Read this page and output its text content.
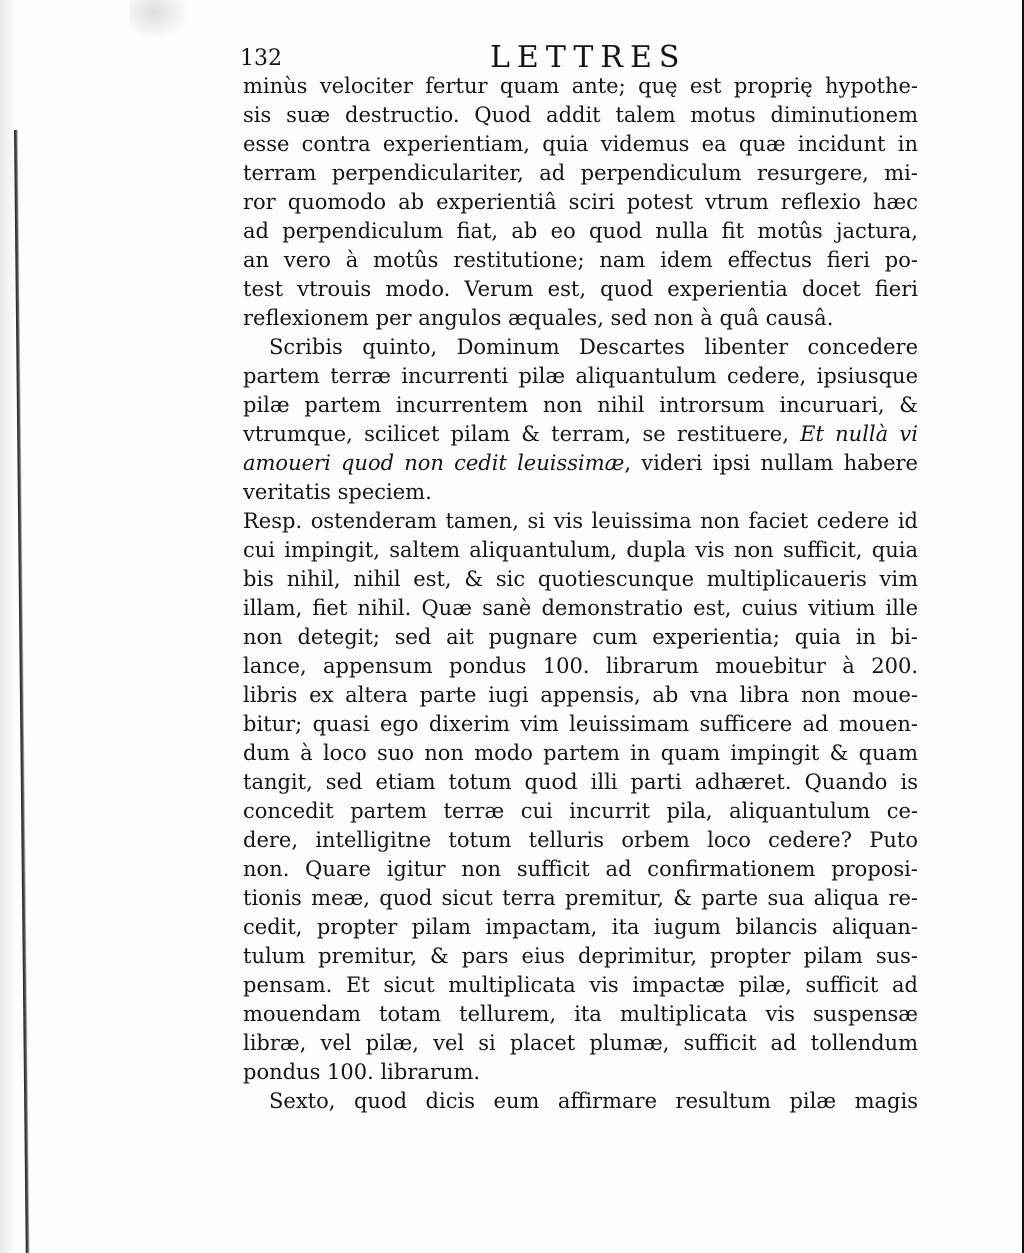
132	LETTRES
minùs velociter fertur quam ante; quę est proprię hypothe-
sis suæ destructio. Quod addit talem motus diminutionem
esse contra experientiam, quia videmus ea quæ incidunt in
terram perpendiculariter, ad perpendiculum resurgere, mi-
ror quomodo ab experientiâ sciri potest vtrum reflexio hæc
ad perpendiculum fiat, ab eo quod nulla fit motûs jactura,
an vero à motûs restitutione; nam idem effectus fieri po-
test vtrouis modo. Verum est, quod experientia docet fieri
reflexionem per angulos æquales, sed non à quâ causâ.
Scribis quinto, Dominum Descartes libenter concedere
partem terræ incurrenti pilæ aliquantulum cedere, ipsiusque
pilæ partem incurrentem non nihil introrsum incuruari, &
vtrumque, scilicet pilam & terram, se restituere, Et nullà vi
amoueri quod non cedit leuissimæ, videri ipsi nullam habere
veritatis speciem.
Resp. ostenderam tamen, si vis leuissima non faciet cedere id
cui impingit, saltem aliquantulum, dupla vis non sufficit, quia
bis nihil, nihil est, & sic quotiescunque multiplicaueris vim
illam, fiet nihil. Quæ sanè demonstratio est, cuius vitium ille
non detegit; sed ait pugnare cum experientia; quia in bi-
lance, appensum pondus 100. librarum mouebitur à 200.
libris ex altera parte iugi appensis, ab vna libra non moue-
bitur; quasi ego dixerim vim leuissimam sufficere ad mouen-
dum à loco suo non modo partem in quam impingit & quam
tangit, sed etiam totum quod illi parti adhæret. Quando is
concedit partem terræ cui incurrit pila, aliquantulum ce-
dere, intelligitne totum telluris orbem loco cedere? Puto
non. Quare igitur non sufficit ad confirmationem proposi-
tionis meæ, quod sicut terra premitur, & parte sua aliqua re-
cedit, propter pilam impactam, ita iugum bilancis aliquan-
tulum premitur, & pars eius deprimitur, propter pilam sus-
pensam. Et sicut multiplicata vis impactæ pilæ, sufficit ad
mouendam totam tellurem, ita multiplicata vis suspensæ
libræ, vel pilæ, vel si placet plumæ, sufficit ad tollendum
pondus 100. librarum.
Sexto, quod dicis eum affirmare resultum pilæ magis
